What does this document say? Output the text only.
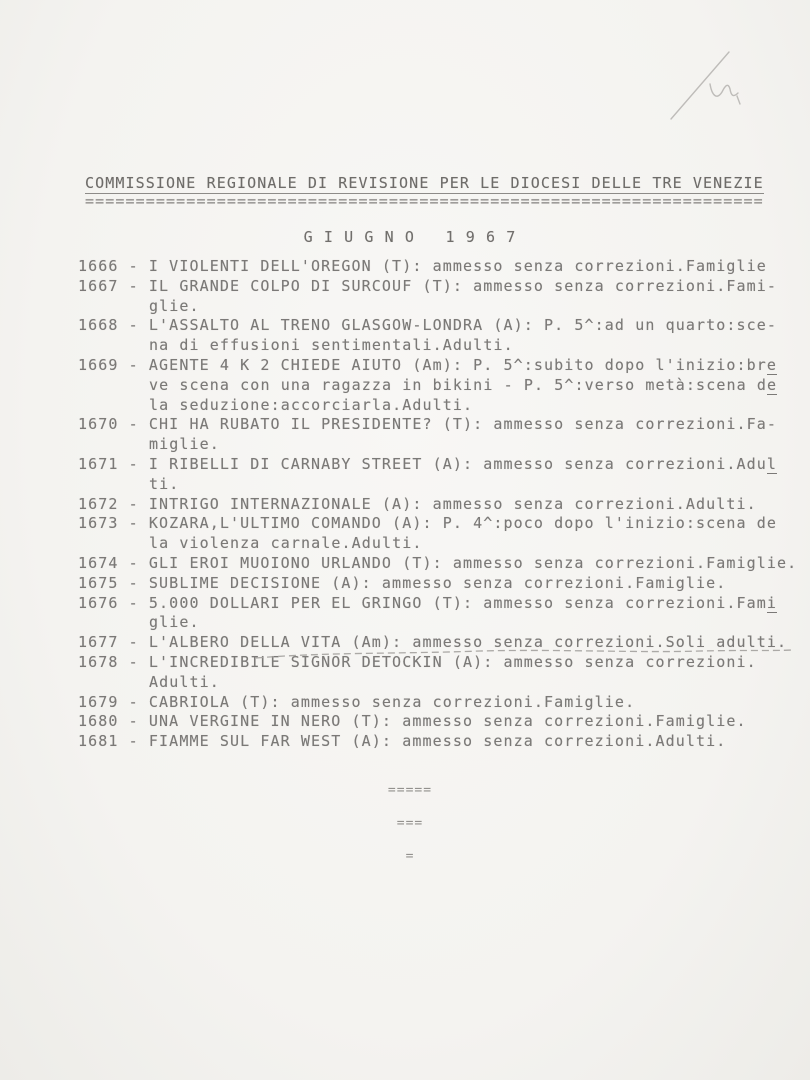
COMMISSIONE REGIONALE DI REVISIONE PER LE DIOCESI DELLE TRE VENEZIE
===================================================================
G I U G N O   1 9 6 7
1666 - I VIOLENTI DELL'OREGON (T): ammesso senza correzioni.Famiglie
1667 - IL GRANDE COLPO DI SURCOUF (T): ammesso senza correzioni.Fami-
glie.
1668 - L'ASSALTO AL TRENO GLASGOW-LONDRA (A): P. 5^:ad un quarto:sce-
na di effusioni sentimentali.Adulti.
1669 - AGENTE 4 K 2 CHIEDE AIUTO (Am): P. 5^:subito dopo l'inizio:bre
ve scena con una ragazza in bikini - P. 5^:verso metà:scena de
la seduzione:accorciarla.Adulti.
1670 - CHI HA RUBATO IL PRESIDENTE? (T): ammesso senza correzioni.Fa-
miglie.
1671 - I RIBELLI DI CARNABY STREET (A): ammesso senza correzioni.Adul
ti.
1672 - INTRIGO INTERNAZIONALE (A): ammesso senza correzioni.Adulti.
1673 - KOZARA,L'ULTIMO COMANDO (A): P. 4^:poco dopo l'inizio:scena de
la violenza carnale.Adulti.
1674 - GLI EROI MUOIONO URLANDO (T): ammesso senza correzioni.Famiglie.
1675 - SUBLIME DECISIONE (A): ammesso senza correzioni.Famiglie.
1676 - 5.000 DOLLARI PER EL GRINGO (T): ammesso senza correzioni.Fami
glie.
1677 - L'ALBERO DELLA VITA (Am): ammesso senza correzioni.Soli adulti.
1678 - L'INCREDIBILE SIGNOR DETOCKIN (A): ammesso senza correzioni.
Adulti.
1679 - CABRIOLA (T): ammesso senza correzioni.Famiglie.
1680 - UNA VERGINE IN NERO (T): ammesso senza correzioni.Famiglie.
1681 - FIAMME SUL FAR WEST (A): ammesso senza correzioni.Adulti.

=====

===

=
